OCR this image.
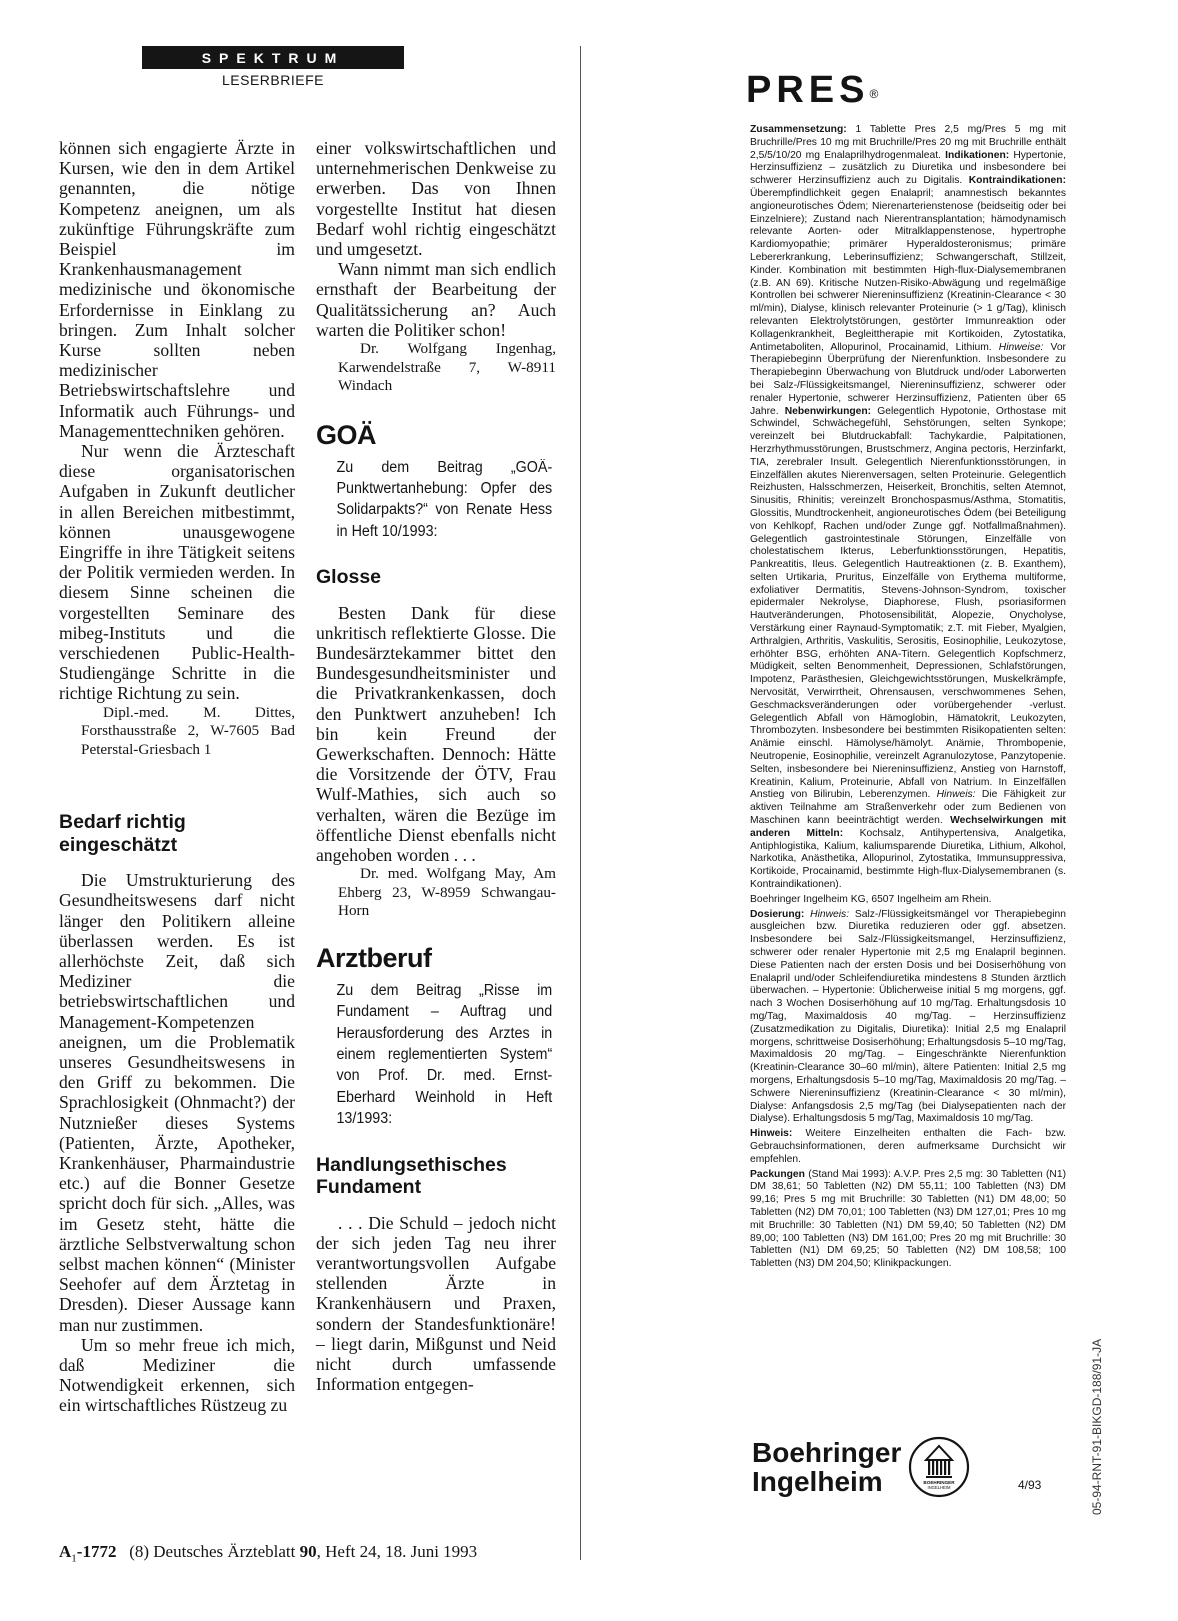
SPEKTRUM
LESERBRIEFE

können sich engagierte Ärzte in Kursen, wie den in dem Artikel genannten, die nötige Kompetenz aneignen, um als zukünftige Führungskräfte zum Beispiel im Krankenhausmanagement medizinische und ökonomische Erfordernisse in Einklang zu bringen. Zum Inhalt solcher Kurse sollten neben medizinischer Betriebswirtschaftslehre und Informatik auch Führungs- und Managementtechniken gehören.

Nur wenn die Ärzteschaft diese organisatorischen Aufgaben in Zukunft deutlicher in allen Bereichen mitbestimmt, können unausgewogene Eingriffe in ihre Tätigkeit seitens der Politik vermieden werden. In diesem Sinne scheinen die vorgestellten Seminare des mibeg-Instituts und die verschiedenen Public-Health-Studiengänge Schritte in die richtige Richtung zu sein.

Dipl.-med. M. Dittes, Forsthausstraße 2, W-7605 Bad Peterstal-Griesbach 1

Bedarf richtig eingeschätzt

Die Umstrukturierung des Gesundheitswesens darf nicht länger den Politikern alleine überlassen werden. Es ist allerhöchste Zeit, daß sich Mediziner die betriebswirtschaftlichen und Management-Kompetenzen aneignen, um die Problematik unseres Gesundheitswesens in den Griff zu bekommen. Die Sprachlosigkeit (Ohnmacht?) der Nutznießer dieses Systems (Patienten, Ärzte, Apotheker, Krankenhäuser, Pharmaindustrie etc.) auf die Bonner Gesetze spricht doch für sich. „Alles, was im Gesetz steht, hätte die ärztliche Selbstverwaltung schon selbst machen können“ (Minister Seehofer auf dem Ärztetag in Dresden). Dieser Aussage kann man nur zustimmen.

Um so mehr freue ich mich, daß Mediziner die Notwendigkeit erkennen, sich ein wirtschaftliches Rüstzeug zu

einer volkswirtschaftlichen und unternehmerischen Denkweise zu erwerben. Das von Ihnen vorgestellte Institut hat diesen Bedarf wohl richtig eingeschätzt und umgesetzt.

Wann nimmt man sich endlich ernsthaft der Bearbeitung der Qualitätssicherung an? Auch warten die Politiker schon!

Dr. Wolfgang Ingenhag, Karwendelstraße 7, W-8911 Windach

GOÄ
Zu dem Beitrag „GOÄ-Punktwertanhebung: Opfer des Solidarpakts?“ von Renate Hess in Heft 10/1993:
Glosse

Besten Dank für diese unkritisch reflektierte Glosse. Die Bundesärztekammer bittet den Bundesgesundheitsminister und die Privatkrankenkassen, doch den Punktwert anzuheben! Ich bin kein Freund der Gewerkschaften. Dennoch: Hätte die Vorsitzende der ÖTV, Frau Wulf-Mathies, sich auch so verhalten, wären die Bezüge im öffentliche Dienst ebenfalls nicht angehoben worden . . .

Dr. med. Wolfgang May, Am Ehberg 23, W-8959 Schwangau-Horn

Arztberuf
Zu dem Beitrag „Risse im Fundament – Auftrag und Herausforderung des Arztes in einem reglementierten System“ von Prof. Dr. med. Ernst-Eberhard Weinhold in Heft 13/1993:
Handlungsethisches Fundament

. . . Die Schuld – jedoch nicht der sich jeden Tag neu ihrer verantwortungsvollen Aufgabe stellenden Ärzte in Krankenhäusern und Praxen, sondern der Standesfunktionäre! – liegt darin, Mißgunst und Neid nicht durch umfassende Information entgegen-

PRES®

Zusammensetzung: 1 Tablette Pres 2,5 mg/Pres 5 mg mit Bruchrille/Pres 10 mg mit Bruchrille/Pres 20 mg mit Bruchrille enthält 2,5/5/10/20 mg Enalaprilhydrogenmaleat. Indikationen: Hypertonie, Herzinsuffizienz – zusätzlich zu Diuretika und insbesondere bei schwerer Herzinsuffizienz auch zu Digitalis. Kontraindikationen: Überempfindlichkeit gegen Enalapril; anamnestisch bekanntes angioneurotisches Ödem; Nierenarterienstenose (beidseitig oder bei Einzelniere); Zustand nach Nierentransplantation; hämodynamisch relevante Aorten- oder Mitralklappenstenose, hypertrophe Kardiomyopathie; primärer Hyperaldosteronismus; primäre Lebererkrankung, Leberinsuffizienz; Schwangerschaft, Stillzeit, Kinder. Kombination mit bestimmten High-flux-Dialysemembranen (z.B. AN 69). Kritische Nutzen-Risiko-Abwägung und regelmäßige Kontrollen bei schwerer Niereninsuffizienz (Kreatinin-Clearance < 30 ml/min), Dialyse, klinisch relevanter Proteinurie (> 1 g/Tag), klinisch relevanten Elektrolytstörungen, gestörter Immunreaktion oder Kollagenkrankheit, Begleittherapie mit Kortikoiden, Zytostatika, Antimetaboliten, Allopurinol, Procainamid, Lithium. Hinweise: Vor Therapiebeginn Überprüfung der Nierenfunktion. Insbesondere zu Therapiebeginn Überwachung von Blutdruck und/oder Laborwerten bei Salz-/Flüssigkeitsmangel, Niereninsuffizienz, schwerer oder renaler Hypertonie, schwerer Herzinsuffizienz, Patienten über 65 Jahre. Nebenwirkungen: Gelegentlich Hypotonie, Orthostase mit Schwindel, Schwächegefühl, Sehstörungen, selten Synkope; vereinzelt bei Blutdruckabfall: Tachykardie, Palpitationen, Herzrhythmusstörungen, Brustschmerz, Angina pectoris, Herzinfarkt, TIA, zerebraler Insult. Gelegentlich Nierenfunktionsstörungen, in Einzelfällen akutes Nierenversagen, selten Proteinurie. Gelegentlich Reizhusten, Halsschmerzen, Heiserkeit, Bronchitis, selten Atemnot, Sinusitis, Rhinitis; vereinzelt Bronchospasmus/Asthma, Stomatitis, Glossitis, Mundtrockenheit, angioneurotisches Ödem (bei Beteiligung von Kehlkopf, Rachen und/oder Zunge ggf. Notfallmaßnahmen). Gelegentlich gastrointestinale Störungen, Einzelfälle von cholestatischem Ikterus, Leberfunktionsstörungen, Hepatitis, Pankreatitis, Ileus. Gelegentlich Hautreaktionen (z. B. Exanthem), selten Urtikaria, Pruritus, Einzelfälle von Erythema multiforme, exfoliativer Dermatitis, Stevens-Johnson-Syndrom, toxischer epidermaler Nekrolyse, Diaphorese, Flush, psoriasiformen Hautveränderungen, Photosensibilität, Alopezie, Onycholyse, Verstärkung einer Raynaud-Symptomatik; z.T. mit Fieber, Myalgien, Arthralgien, Arthritis, Vaskulitis, Serositis, Eosinophilie, Leukozytose, erhöhter BSG, erhöhten ANA-Titern. Gelegentlich Kopfschmerz, Müdigkeit, selten Benommenheit, Depressionen, Schlafstörungen, Impotenz, Parästhesien, Gleichgewichtsstörungen, Muskelkrämpfe, Nervosität, Verwirrtheit, Ohrensausen, verschwommenes Sehen, Geschmacksveränderungen oder vorübergehender -verlust. Gelegentlich Abfall von Hämoglobin, Hämatokrit, Leukozyten, Thrombozyten. Insbesondere bei bestimmten Risikopatienten selten: Anämie einschl. Hämolyse/hämolyt. Anämie, Thrombopenie, Neutropenie, Eosinophilie, vereinzelt Agranulozytose, Panzytopenie. Selten, insbesondere bei Niereninsuffizienz, Anstieg von Harnstoff, Kreatinin, Kalium, Proteinurie, Abfall von Natrium. In Einzelfällen Anstieg von Bilirubin, Leberenzymen. Hinweis: Die Fähigkeit zur aktiven Teilnahme am Straßenverkehr oder zum Bedienen von Maschinen kann beeinträchtigt werden. Wechselwirkungen mit anderen Mitteln: Kochsalz, Antihypertensiva, Analgetika, Antiphlogistika, Kalium, kaliumsparende Diuretika, Lithium, Alkohol, Narkotika, Anästhetika, Allopurinol, Zytostatika, Immunsuppressiva, Kortikoide, Procainamid, bestimmte High-flux-Dialysemembranen (s. Kontraindikationen).

Boehringer Ingelheim KG, 6507 Ingelheim am Rhein.

Dosierung: Hinweis: Salz-/Flüssigkeitsmängel vor Therapiebeginn ausgleichen bzw. Diuretika reduzieren oder ggf. absetzen. Insbesondere bei Salz-/Flüssigkeitsmangel, Herzinsuffizienz, schwerer oder renaler Hypertonie mit 2,5 mg Enalapril beginnen. Diese Patienten nach der ersten Dosis und bei Dosiserhöhung von Enalapril und/oder Schleifendiuretika mindestens 8 Stunden ärztlich überwachen. – Hypertonie: Üblicherweise initial 5 mg morgens, ggf. nach 3 Wochen Dosiserhöhung auf 10 mg/Tag. Erhaltungsdosis 10 mg/Tag, Maximaldosis 40 mg/Tag. – Herzinsuffizienz (Zusatzmedikation zu Digitalis, Diuretika): Initial 2,5 mg Enalapril morgens, schrittweise Dosiserhöhung; Erhaltungsdosis 5–10 mg/Tag, Maximaldosis 20 mg/Tag. – Eingeschränkte Nierenfunktion (Kreatinin-Clearance 30–60 ml/min), ältere Patienten: Initial 2,5 mg morgens, Erhaltungsdosis 5–10 mg/Tag, Maximaldosis 20 mg/Tag. – Schwere Niereninsuffizienz (Kreatinin-Clearance < 30 ml/min), Dialyse: Anfangsdosis 2,5 mg/Tag (bei Dialysepatienten nach der Dialyse). Erhaltungsdosis 5 mg/Tag, Maximaldosis 10 mg/Tag.

Hinweis: Weitere Einzelheiten enthalten die Fach- bzw. Gebrauchsinformationen, deren aufmerksame Durchsicht wir empfehlen.

Packungen (Stand Mai 1993): A.V.P. Pres 2,5 mg: 30 Tabletten (N1) DM 38,61; 50 Tabletten (N2) DM 55,11; 100 Tabletten (N3) DM 99,16; Pres 5 mg mit Bruchrille: 30 Tabletten (N1) DM 48,00; 50 Tabletten (N2) DM 70,01; 100 Tabletten (N3) DM 127,01; Pres 10 mg mit Bruchrille: 30 Tabletten (N1) DM 59,40; 50 Tabletten (N2) DM 89,00; 100 Tabletten (N3) DM 161,00; Pres 20 mg mit Bruchrille: 30 Tabletten (N1) DM 69,25; 50 Tabletten (N2) DM 108,58; 100 Tabletten (N3) DM 204,50; Klinikpackungen.

Boehringer
Ingelheim	BOEHRINGER
INGELHEIM	4/93	05-94-RNT-91-BIKGD-188/91-JA
$A_1-1772$ (8) Deutsches Ärzteblatt 90, Heft 24, 18. Juni 1993
